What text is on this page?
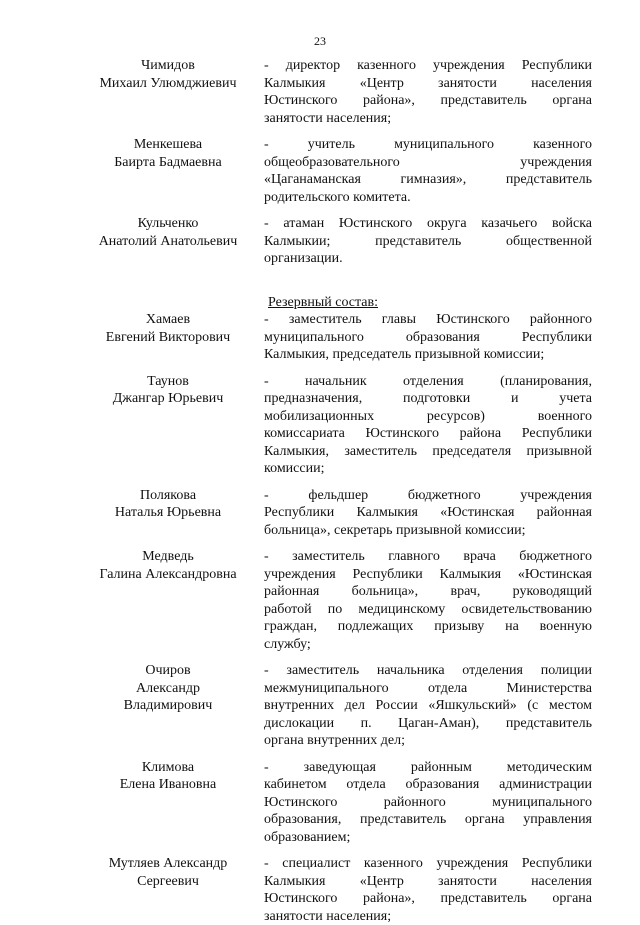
23
Чимидов
Михаил Улюмджиевич
- директор казенного учреждения Республики
Калмыкия «Центр занятости населения
Юстинского района», представитель органа
занятости населения;
Менкешева
Баирта Бадмаевна
- учитель муниципального казенного
общеобразовательного учреждения
«Цаганаманская гимназия», представитель
родительского комитета.
Кульченко
Анатолий Анатольевич
- атаман Юстинского округа казачьего войска
Калмыкии; представитель общественной
организации.
Резервный состав:
Хамаев
Евгений Викторович
- заместитель главы Юстинского районного
муниципального образования Республики
Калмыкия, председатель призывной комиссии;
Таунов
Джангар Юрьевич
- начальник отделения (планирования,
предназначения, подготовки и учета
мобилизационных ресурсов) военного
комиссариата Юстинского района Республики
Калмыкия, заместитель председателя призывной
комиссии;
Полякова
Наталья Юрьевна
- фельдшер бюджетного учреждения
Республики Калмыкия «Юстинская районная
больница», секретарь призывной комиссии;
Медведь
Галина Александровна
- заместитель главного врача бюджетного
учреждения Республики Калмыкия «Юстинская
районная больница», врач, руководящий
работой по медицинскому освидетельствованию
граждан, подлежащих призыву на военную
службу;
Очиров
Александр
Владимирович
- заместитель начальника отделения полиции
межмуниципального отдела Министерства
внутренних дел России «Яшкульский» (с местом
дислокации п. Цаган-Аман), представитель
органа внутренних дел;
Климова
Елена Ивановна
- заведующая районным методическим
кабинетом отдела образования администрации
Юстинского районного муниципального
образования, представитель органа управления
образованием;
Мутляев Александр
Сергеевич
- специалист казенного учреждения Республики
Калмыкия «Центр занятости населения
Юстинского района», представитель органа
занятости населения;
